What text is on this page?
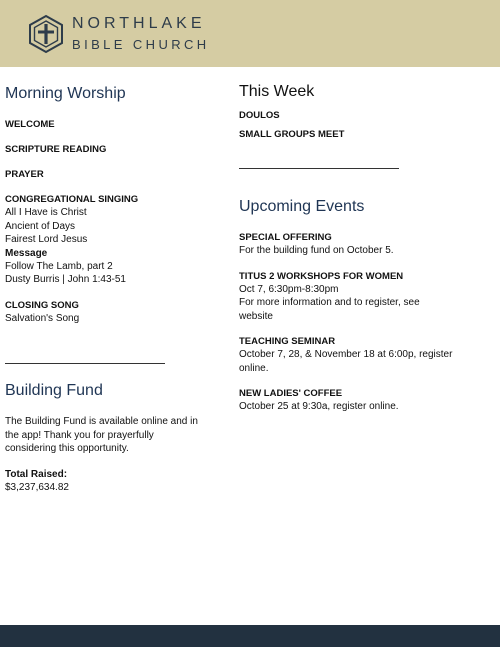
NORTHLAKE
BIBLE CHURCH
Morning Worship
WELCOME
SCRIPTURE READING
PRAYER
CONGREGATIONAL SINGING
All I Have is Christ
Ancient of Days
Fairest Lord Jesus
Message
Follow The Lamb, part 2
Dusty Burris | John 1:43-51
CLOSING SONG
Salvation's Song
Building Fund
The Building Fund is available online and in the app! Thank you for prayerfully considering this opportunity.
Total Raised:
$3,237,634.82
This Week
DOULOS
SMALL GROUPS MEET
Upcoming Events
SPECIAL OFFERING
For the building fund on October 5.
TITUS 2 WORKSHOPS FOR WOMEN
Oct 7, 6:30pm-8:30pm
For more information and to register, see website
TEACHING SEMINAR
October 7, 28, & November 18 at 6:00p, register online.
NEW LADIES' COFFEE
October 25 at 9:30a, register online.
